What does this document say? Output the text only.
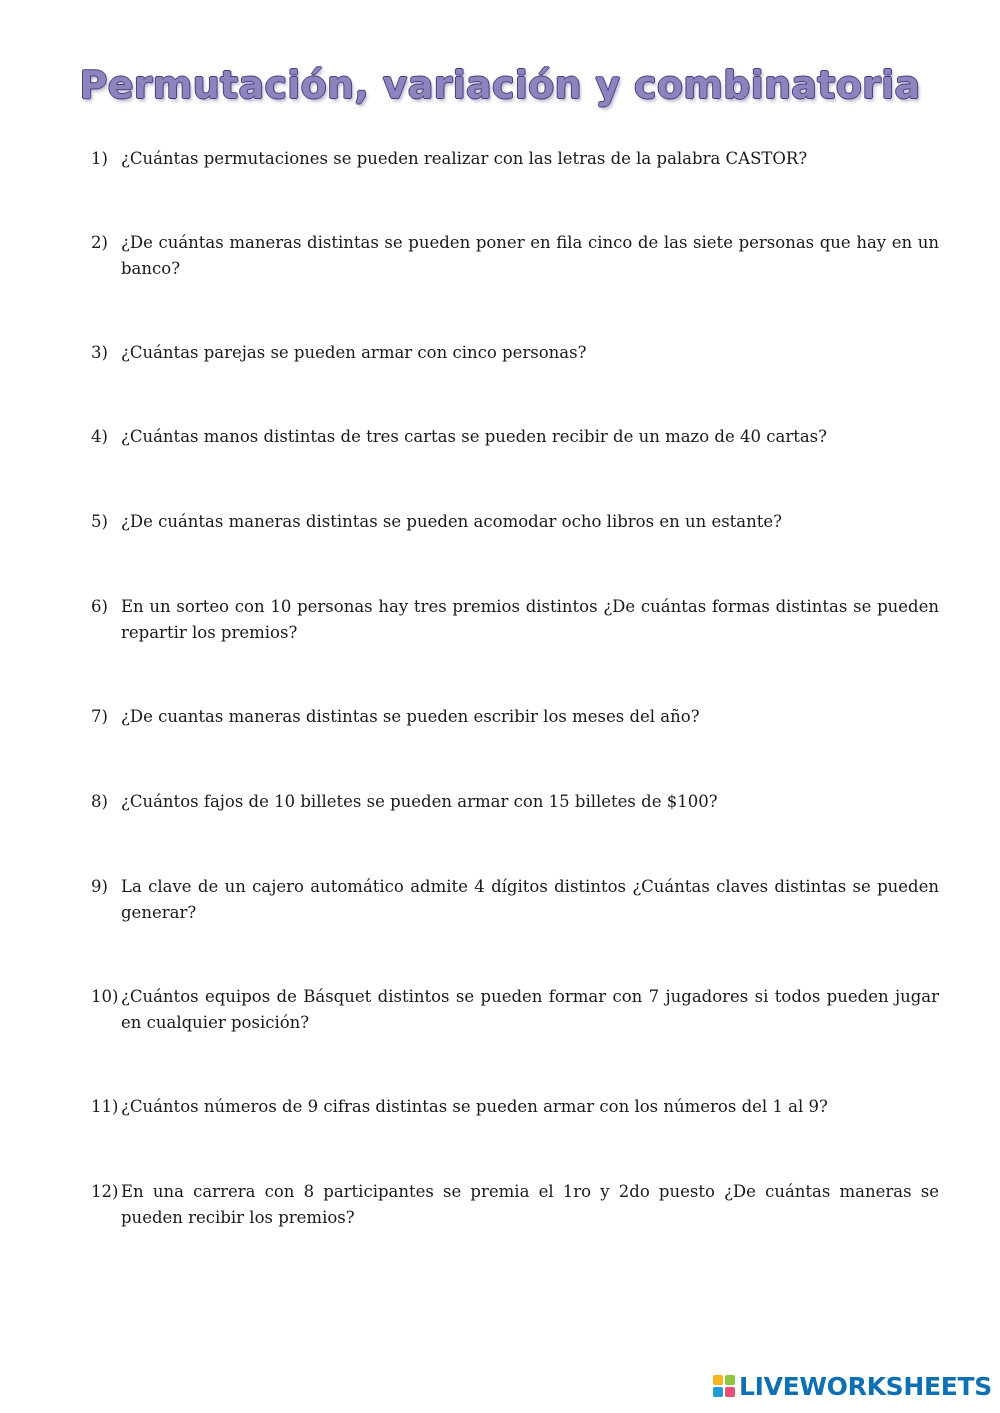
Permutación, variación y combinatoria
1) ¿Cuántas permutaciones se pueden realizar con las letras de la palabra CASTOR?
2) ¿De cuántas maneras distintas se pueden poner en fila cinco de las siete personas que hay en un banco?
3) ¿Cuántas parejas se pueden armar con cinco personas?
4) ¿Cuántas manos distintas de tres cartas se pueden recibir de un mazo de 40 cartas?
5) ¿De cuántas maneras distintas se pueden acomodar ocho libros en un estante?
6) En un sorteo con 10 personas hay tres premios distintos ¿De cuántas formas distintas se pueden repartir los premios?
7) ¿De cuantas maneras distintas se pueden escribir los meses del año?
8) ¿Cuántos fajos de 10 billetes se pueden armar con 15 billetes de $100?
9) La clave de un cajero automático admite 4 dígitos distintos ¿Cuántas claves distintas se pueden generar?
10) ¿Cuántos equipos de Básquet distintos se pueden formar con 7 jugadores si todos pueden jugar en cualquier posición?
11) ¿Cuántos números de 9 cifras distintas se pueden armar con los números del 1 al 9?
12) En una carrera con 8 participantes se premia el 1ro y 2do puesto ¿De cuántas maneras se pueden recibir los premios?
LIVEWORKSHEETS
